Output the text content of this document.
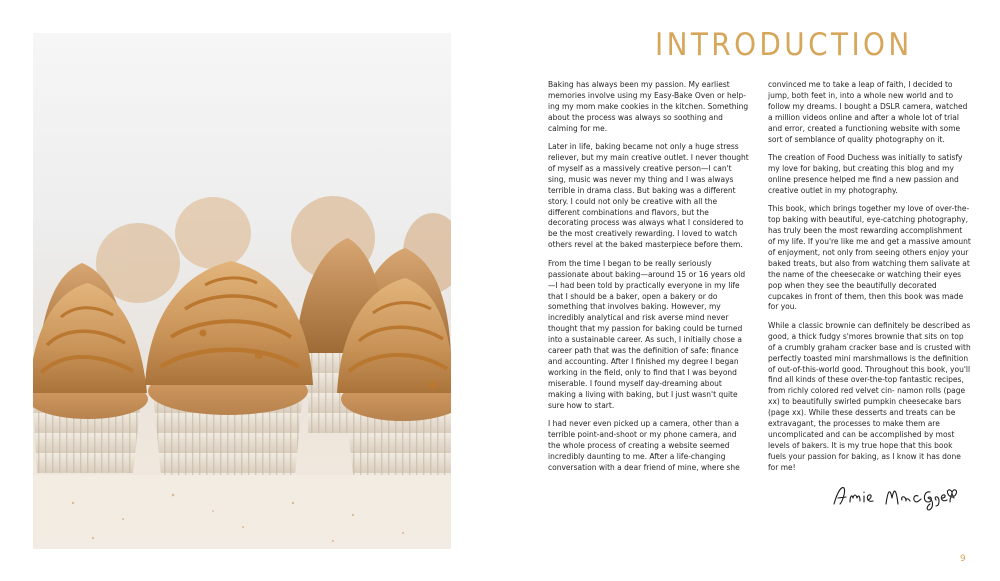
INTRODUCTION

Baking has always been my passion. My earliest memories involve using my Easy-Bake Oven or help- ing my mom make cookies in the kitchen. Something about the process was always so soothing and calming for me.

Later in life, baking became not only a huge stress reliever, but my main creative outlet. I never thought of myself as a massively creative person—I can't sing, music was never my thing and I was always terrible in drama class. But baking was a different story. I could not only be creative with all the different combinations and flavors, but the decorating process was always what I considered to be the most creatively rewarding. I loved to watch others revel at the baked masterpiece before them.

From the time I began to be really seriously passionate about baking—around 15 or 16 years old—I had been told by practically everyone in my life that I should be a baker, open a bakery or do something that involves baking. However, my incredibly analytical and risk averse mind never thought that my passion for baking could be turned into a sustainable career. As such, I initially chose a career path that was the definition of safe: finance and accounting. After I finished my degree I began working in the field, only to find that I was beyond miserable. I found myself day-dreaming about making a living with baking, but I just wasn't quite sure how to start.

I had never even picked up a camera, other than a terrible point-and-shoot or my phone camera, and the whole process of creating a website seemed incredibly daunting to me. After a life-changing conversation with a dear friend of mine, where she

convinced me to take a leap of faith, I decided to jump, both feet in, into a whole new world and to follow my dreams. I bought a DSLR camera, watched a million videos online and after a whole lot of trial and error, created a functioning website with some sort of semblance of quality photography on it.

The creation of Food Duchess was initially to satisfy my love for baking, but creating this blog and my online presence helped me find a new passion and creative outlet in my photography.

This book, which brings together my love of over-the- top baking with beautiful, eye-catching photography, has truly been the most rewarding accomplishment of my life. If you're like me and get a massive amount of enjoyment, not only from seeing others enjoy your baked treats, but also from watching them salivate at the name of the cheesecake or watching their eyes pop when they see the beautifully decorated cupcakes in front of them, then this book was made for you.

While a classic brownie can definitely be described as good, a thick fudgy s'mores brownie that sits on top of a crumbly graham cracker base and is crusted with perfectly toasted mini marshmallows is the definition of out-of-this-world good. Throughout this book, you'll find all kinds of these over-the-top fantastic recipes, from richly colored red velvet cin- namon rolls (page xx) to beautifully swirled pumpkin cheesecake bars (page xx). While these desserts and treats can be extravagant, the processes to make them are uncomplicated and can be accomplished by most levels of bakers. It is my true hope that this book fuels your passion for baking, as I know it has done for me!

9
